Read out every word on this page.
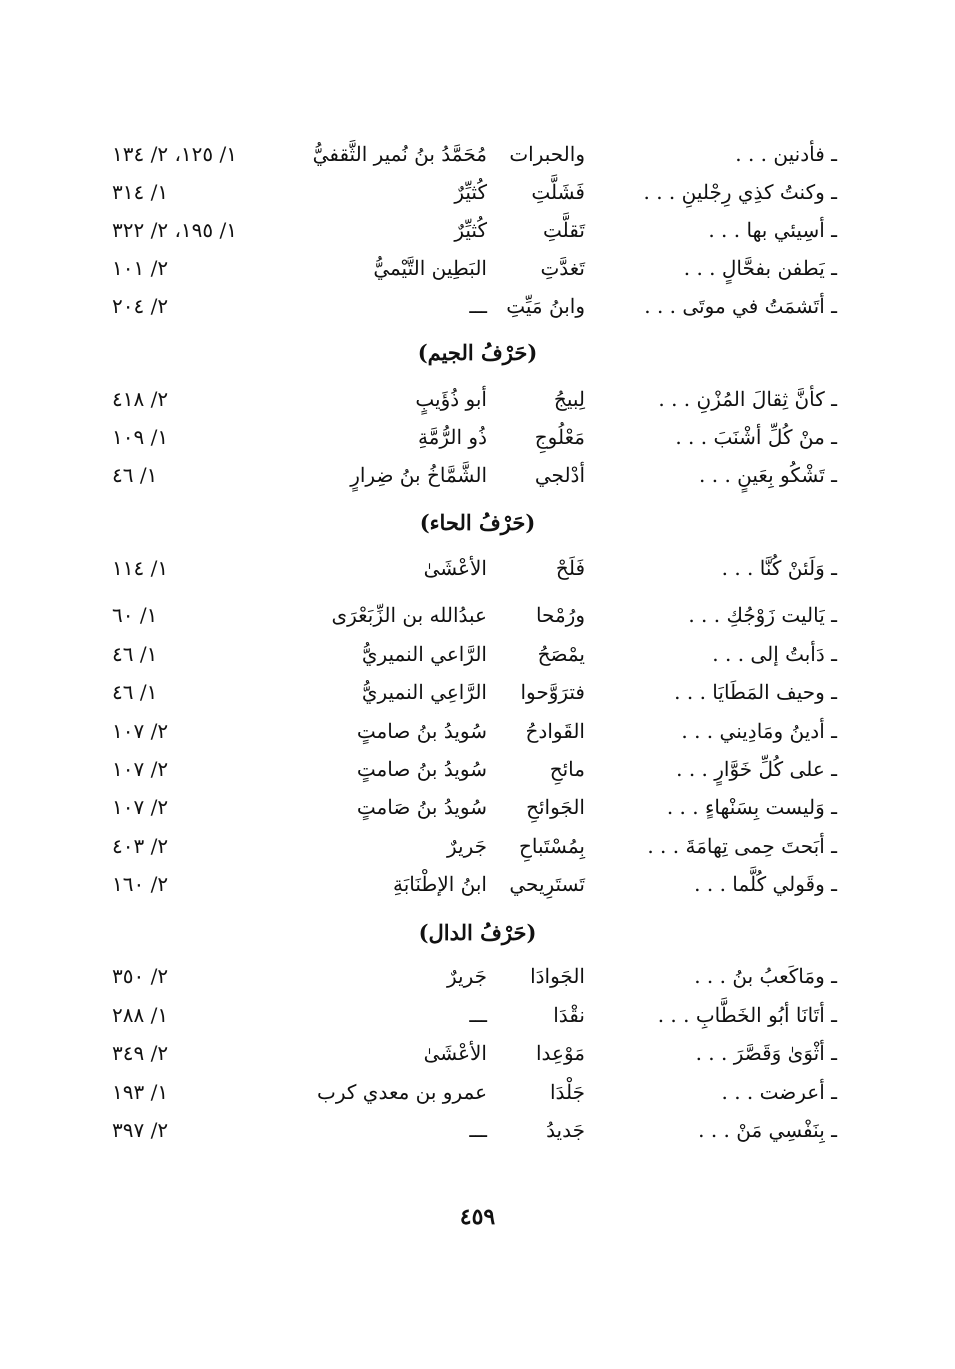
ـ فأدنين . . .
والحبرات
مُحَمَّدُ بنُ نُمير الثَّقفيُّ
١/ ١٢٥، ٢/ ١٣٤
ـ وكنتُ كذِي رِجْلينِ . . .
فَشَلَّتِ
كُثيِّرٌ
١/ ٣١٤
ـ أسِيئي بها . . .
تَقلَّتِ
كُثيِّرٌ
١/ ١٩٥، ٢/ ٣٢٢
ـ يَطفن بفحَّالٍ . . .
تَغدَّتِ
البَطِين التَّيْميُّ
٢/ ١٠١
ـ أتَشمَتُ في موتَى . . .
وابنُ مَيِّتِ
ـــ
٢/ ٢٠٤
(حَرْفُ الجيم)
ـ كأنَّ ثِقالَ المُزْنِ . . .
لِبيجُ
أبو ذُؤَيبٍ
٢/ ٤١٨
ـ منْ كُلِّ أشْنَبَ . . .
مَعْلُوجِ
ذُو الرُّمَّةِ
١/ ١٠٩
ـ تَشْكُو بِعَينٍ . . .
أدْلجي
الشَّمَّاخُ بنُ ضِرارٍ
١/ ٤٦
(حَرْفُ الحاء)
ـ وَلَئنْ كُنَّا . . .
فَلَحْ
الأعْشَىٰ
١/ ١١٤
ـ يَاليت زَوْجُكِ . . .
ورُمْحا
عبدُالله بن الزِّبَعْرَى
١/ ٦٠
ـ دَأبتُ إلى . . .
يمْصَحُ
الرَّاعي النميريُّ
١/ ٤٦
ـ وحيف المَطَايَا . . .
فترَوَّحوا
الرَّاعِي النميريُّ
١/ ٤٦
ـ أدينُ ومَادِيني . . .
القَوادحُ
سُويدُ بنُ صامتٍ
٢/ ١٠٧
ـ على كُلِّ خَوَّارٍ . . .
مائحِ
سُويدُ بنُ صامتٍ
٢/ ١٠٧
ـ وَليست بِسَنْهاءٍ . . .
الجَوائحِ
سُويدُ بنُ صَامتٍ
٢/ ١٠٧
ـ أبَحتَ حِمى تِهامَةَ . . .
بِمُسْتَباحِ
جَريرٌ
٢/ ٤٠٣
ـ وقَولي كُلَّما . . .
تَستَرِيحي
ابنُ الإطْنَابَةِ
٢/ ١٦٠
(حَرْفُ الدال)
ـ ومَاكَعبُ بنُ . . .
الجَوادَا
جَريرٌ
٢/ ٣٥٠
ـ أتَانَا أبُو الخَطَّابِ . . .
نقْدَا
ـــ
١/ ٢٨٨
ـ أثْوَىٰ وَقَصَّرَ . . .
مَوْعِدا
الأعْشَىٰ
٢/ ٣٤٩
ـ أعرضت . . .
جَلْدَا
عمرو بن معدي كرب
١/ ١٩٣
ـ بِنَفْسِي مَنْ . . .
جَديدُ
ـــ
٢/ ٣٩٧
٤٥٩
